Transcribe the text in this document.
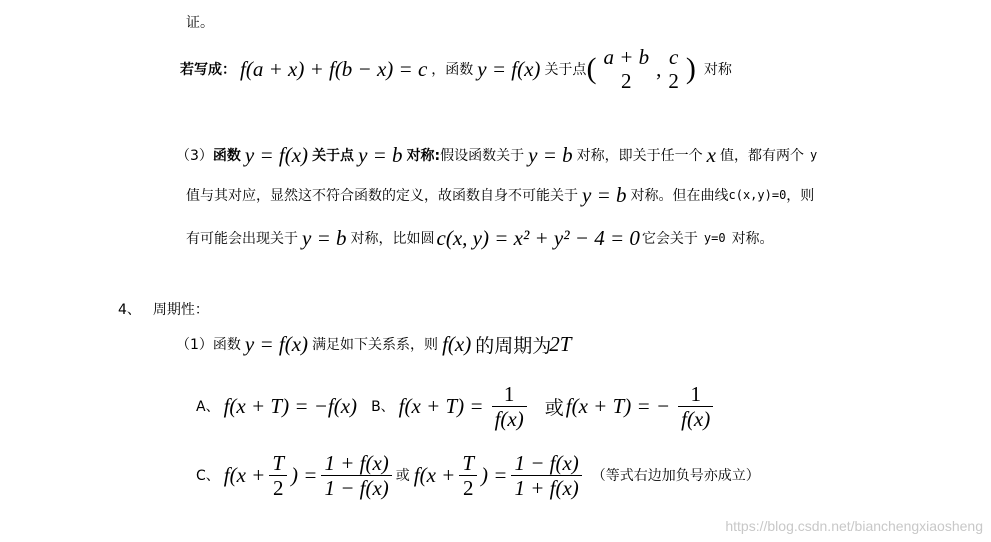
证。
若写成： f(a + x) + f(b − x) = c ，函数 y = f(x) 关于点 ( a + b
2
, c
2 ) 对称
（3） 函数 y = f(x) 关于点 y = b 对称: 假设函数关于 y = b 对称，即关于任一个 x 值，都有两个 y
值与其对应，显然这不符合函数的定义，故函数自身不可能关于 y = b 对称。但在曲线 c(x,y)=0 ，则
有可能会出现关于 y = b 对称，比如圆 c(x, y) = x² + y² − 4 = 0 它会关于 y=0 对称。
4、 周期性：
（1） 函数 y = f(x) 满足如下关系系，则 f(x) 的周期为
2T
A、 f(x + T) = −f(x) B、 $f(x + T) = \frac{1}{f(x)}$ 或 f(x + T) = − $\frac{1}{f(x)}$
C、 $f(x + \frac{T}{2}$ ) = $\frac{1 + f(x)}{1 - f(x)}$ 或 $f(x + \frac{T}{2}$ ) = $\frac{1 - f(x)}{1 + f(x)}$ （等式右边加负号亦成立）
https://blog.csdn.net/bianchengxiaosheng
